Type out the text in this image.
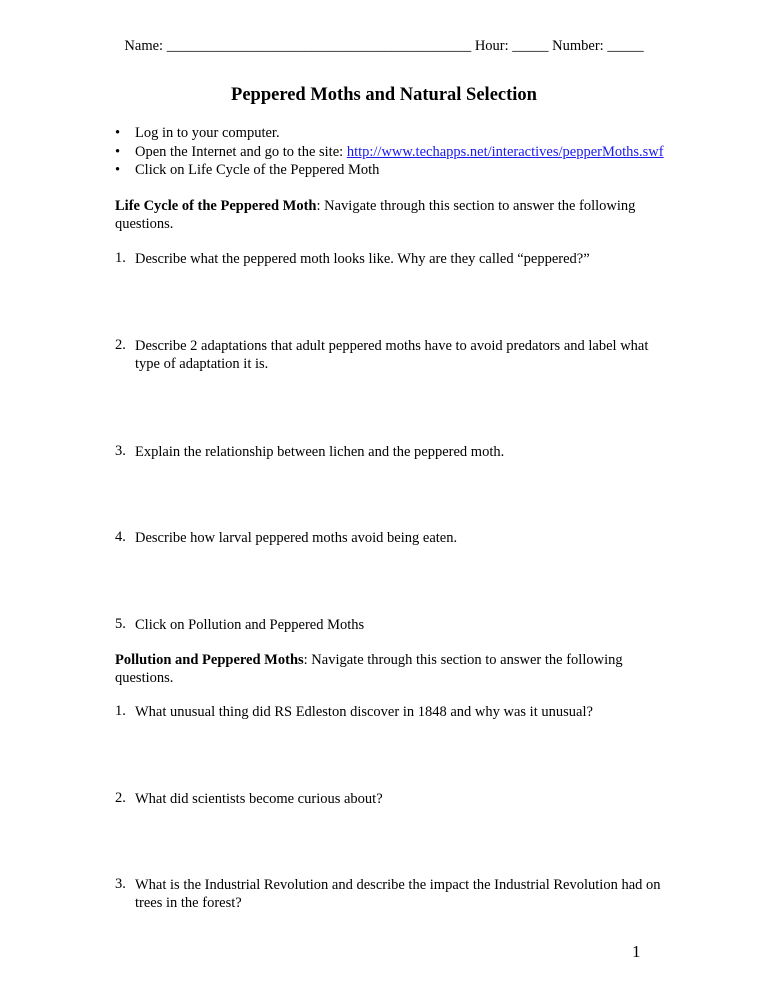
Name: __________________________________________ Hour: _____ Number: _____
Peppered Moths and Natural Selection
• Log in to your computer.
• Open the Internet and go to the site: http://www.techapps.net/interactives/pepperMoths.swf
• Click on Life Cycle of the Peppered Moth
Life Cycle of the Peppered Moth: Navigate through this section to answer the following questions.
1. Describe what the peppered moth looks like. Why are they called “peppered?”
2. Describe 2 adaptations that adult peppered moths have to avoid predators and label what type of adaptation it is.
3. Explain the relationship between lichen and the peppered moth.
4. Describe how larval peppered moths avoid being eaten.
5. Click on Pollution and Peppered Moths
Pollution and Peppered Moths: Navigate through this section to answer the following questions.
1. What unusual thing did RS Edleston discover in 1848 and why was it unusual?
2. What did scientists become curious about?
3. What is the Industrial Revolution and describe the impact the Industrial Revolution had on trees in the forest?
1
